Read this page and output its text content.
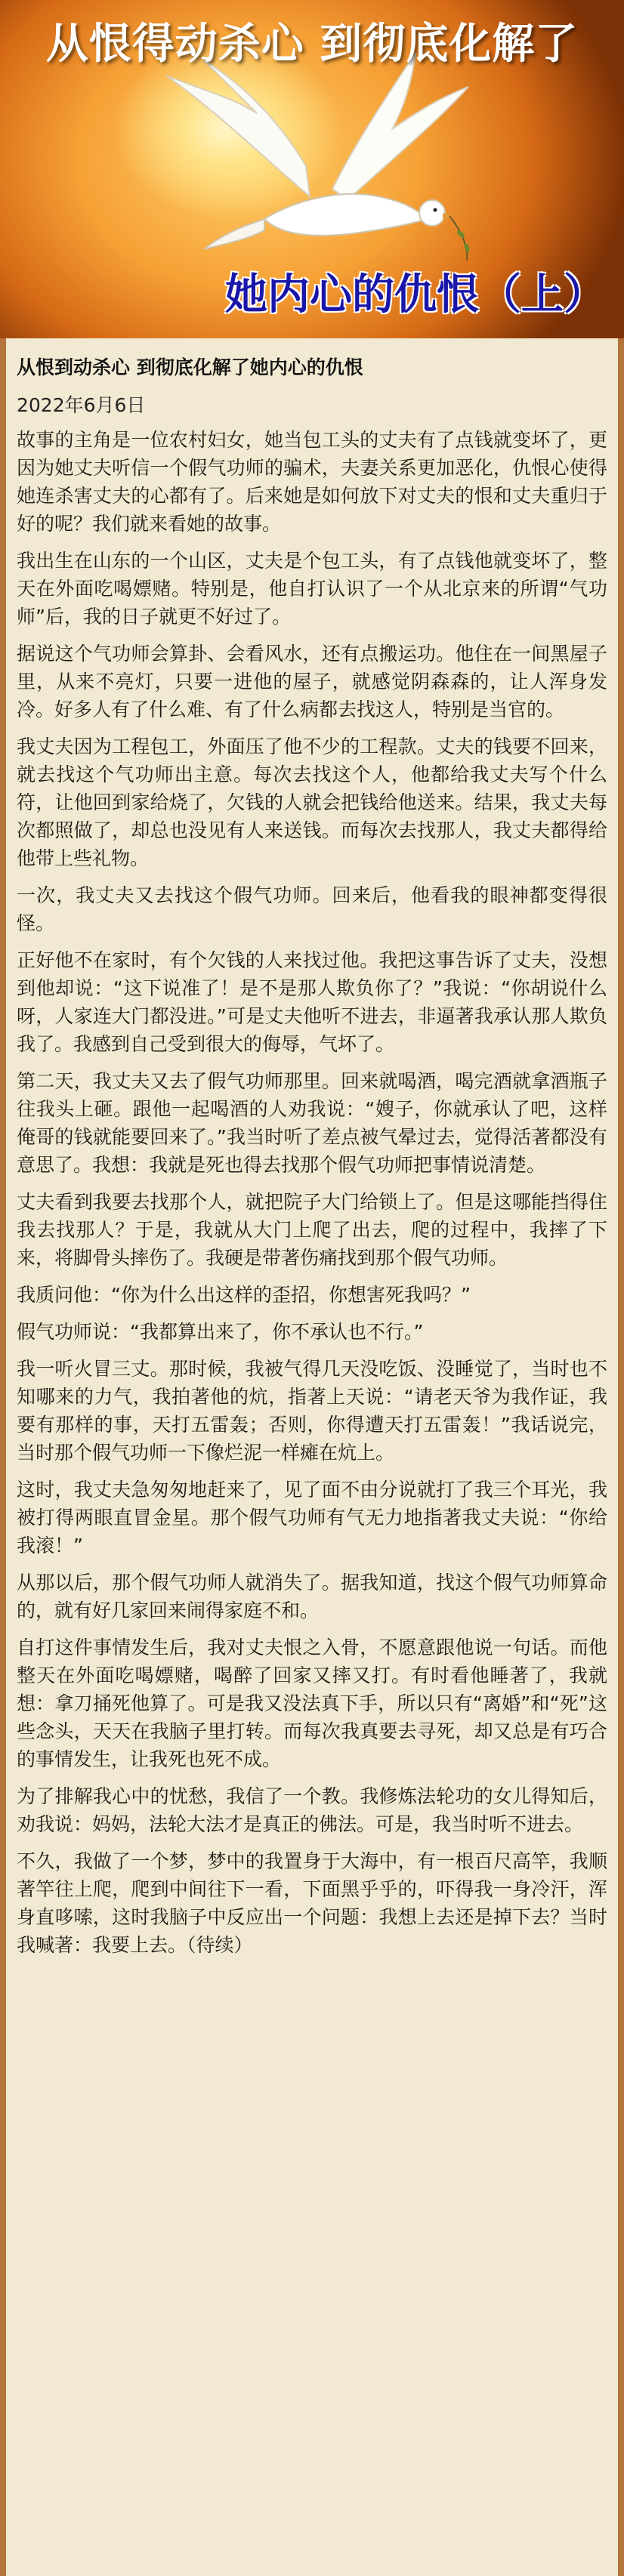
从恨得动杀心 到彻底化解了
她内心的仇恨（上）
从恨到动杀心 到彻底化解了她内心的仇恨
2022年6月6日

故事的主角是一位农村妇女，她当包工头的丈夫有了点钱就变坏了，更因为她丈夫听信一个假气功师的骗术，夫妻关系更加恶化，仇恨心使得她连杀害丈夫的心都有了。后来她是如何放下对丈夫的恨和丈夫重归于好的呢？我们就来看她的故事。

我出生在山东的一个山区，丈夫是个包工头，有了点钱他就变坏了，整天在外面吃喝嫖赌。特别是，他自打认识了一个从北京来的所谓“气功师”后，我的日子就更不好过了。

据说这个气功师会算卦、会看风水，还有点搬运功。他住在一间黑屋子里，从来不亮灯，只要一进他的屋子，就感觉阴森森的，让人浑身发冷。好多人有了什么难、有了什么病都去找这人，特别是当官的。

我丈夫因为工程包工，外面压了他不少的工程款。丈夫的钱要不回来，就去找这个气功师出主意。每次去找这个人，他都给我丈夫写个什么符，让他回到家给烧了，欠钱的人就会把钱给他送来。结果，我丈夫每次都照做了，却总也没见有人来送钱。而每次去找那人，我丈夫都得给他带上些礼物。

一次，我丈夫又去找这个假气功师。回来后，他看我的眼神都变得很怪。

正好他不在家时，有个欠钱的人来找过他。我把这事告诉了丈夫，没想到他却说：“这下说准了！是不是那人欺负你了？”我说：“你胡说什么呀，人家连大门都没进。”可是丈夫他听不进去，非逼著我承认那人欺负我了。我感到自己受到很大的侮辱，气坏了。

第二天，我丈夫又去了假气功师那里。回来就喝酒，喝完酒就拿酒瓶子往我头上砸。跟他一起喝酒的人劝我说：“嫂子，你就承认了吧，这样俺哥的钱就能要回来了。”我当时听了差点被气晕过去，觉得活著都没有意思了。我想：我就是死也得去找那个假气功师把事情说清楚。

丈夫看到我要去找那个人，就把院子大门给锁上了。但是这哪能挡得住我去找那人？于是，我就从大门上爬了出去，爬的过程中，我摔了下来，将脚骨头摔伤了。我硬是带著伤痛找到那个假气功师。

我质问他：“你为什么出这样的歪招，你想害死我吗？”

假气功师说：“我都算出来了，你不承认也不行。”

我一听火冒三丈。那时候，我被气得几天没吃饭、没睡觉了，当时也不知哪来的力气，我拍著他的炕，指著上天说：“请老天爷为我作证，我要有那样的事，天打五雷轰；否则，你得遭天打五雷轰！”我话说完，当时那个假气功师一下像烂泥一样瘫在炕上。

这时，我丈夫急匆匆地赶来了，见了面不由分说就打了我三个耳光，我被打得两眼直冒金星。那个假气功师有气无力地指著我丈夫说：“你给我滚！”

从那以后，那个假气功师人就消失了。据我知道，找这个假气功师算命的，就有好几家回来闹得家庭不和。

自打这件事情发生后，我对丈夫恨之入骨，不愿意跟他说一句话。而他整天在外面吃喝嫖赌，喝醉了回家又摔又打。有时看他睡著了，我就想：拿刀捅死他算了。可是我又没法真下手，所以只有“离婚”和“死”这些念头，天天在我脑子里打转。而每次我真要去寻死，却又总是有巧合的事情发生，让我死也死不成。

为了排解我心中的忧愁，我信了一个教。我修炼法轮功的女儿得知后，劝我说：妈妈，法轮大法才是真正的佛法。可是，我当时听不进去。

不久，我做了一个梦，梦中的我置身于大海中，有一根百尺高竿，我顺著竿往上爬，爬到中间往下一看，下面黑乎乎的，吓得我一身冷汗，浑身直哆嗦，这时我脑子中反应出一个问题：我想上去还是掉下去？当时我喊著：我要上去。（待续）
